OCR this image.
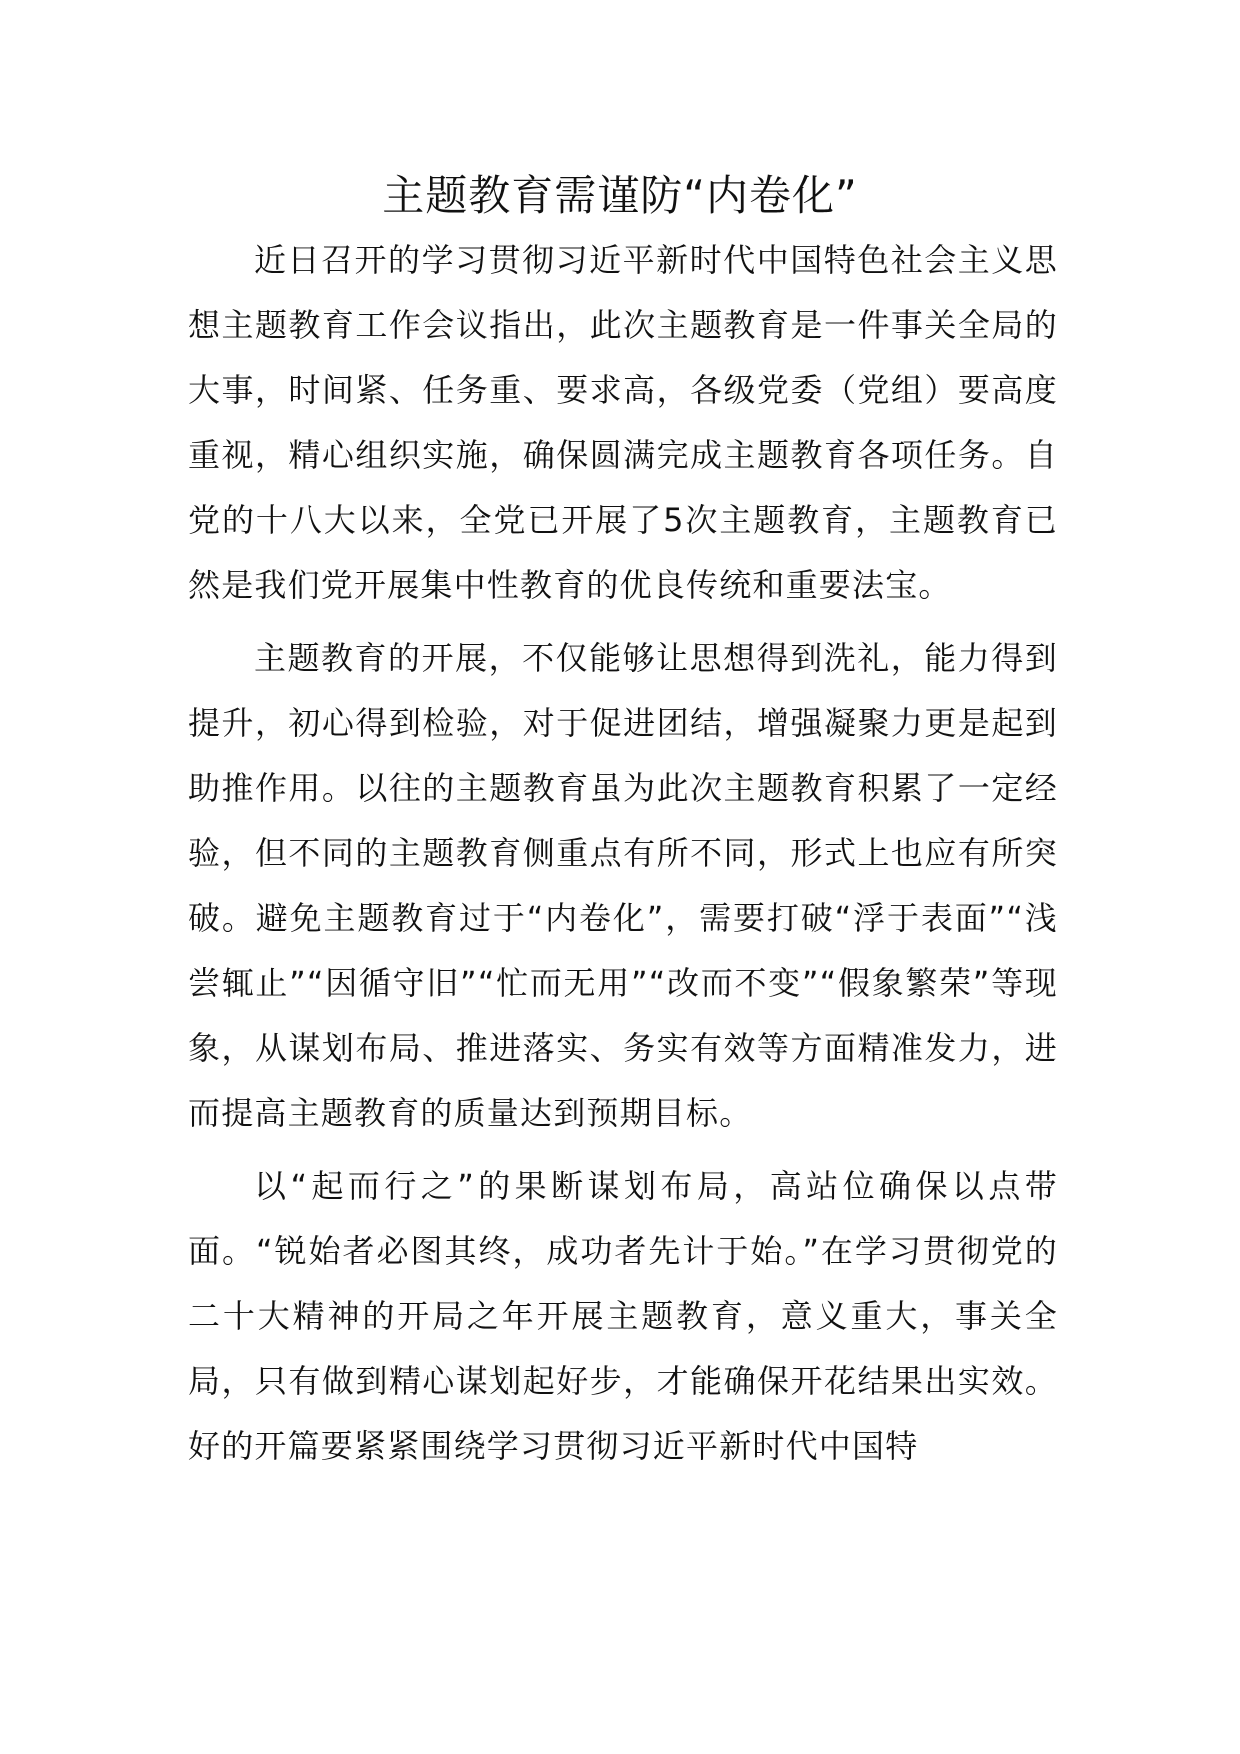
主题教育需谨防“内卷化”

近日召开的学习贯彻习近平新时代中国特色社会主义思想主题教育工作会议指出，此次主题教育是一件事关全局的大事，时间紧、任务重、要求高，各级党委（党组）要高度重视，精心组织实施，确保圆满完成主题教育各项任务。自党的十八大以来，全党已开展了5次主题教育，主题教育已然是我们党开展集中性教育的优良传统和重要法宝。

主题教育的开展，不仅能够让思想得到洗礼，能力得到提升，初心得到检验，对于促进团结，增强凝聚力更是起到助推作用。以往的主题教育虽为此次主题教育积累了一定经验，但不同的主题教育侧重点有所不同，形式上也应有所突破。避免主题教育过于“内卷化”，需要打破“浮于表面”“浅尝辄止”“因循守旧”“忙而无用”“改而不变”“假象繁荣”等现象，从谋划布局、推进落实、务实有效等方面精准发力，进而提高主题教育的质量达到预期目标。

以“起而行之”的果断谋划布局，高站位确保以点带面。“锐始者必图其终，成功者先计于始。”在学习贯彻党的二十大精神的开局之年开展主题教育，意义重大，事关全局，只有做到精心谋划起好步，才能确保开花结果出实效。好的开篇要紧紧围绕学习贯彻习近平新时代中国特
